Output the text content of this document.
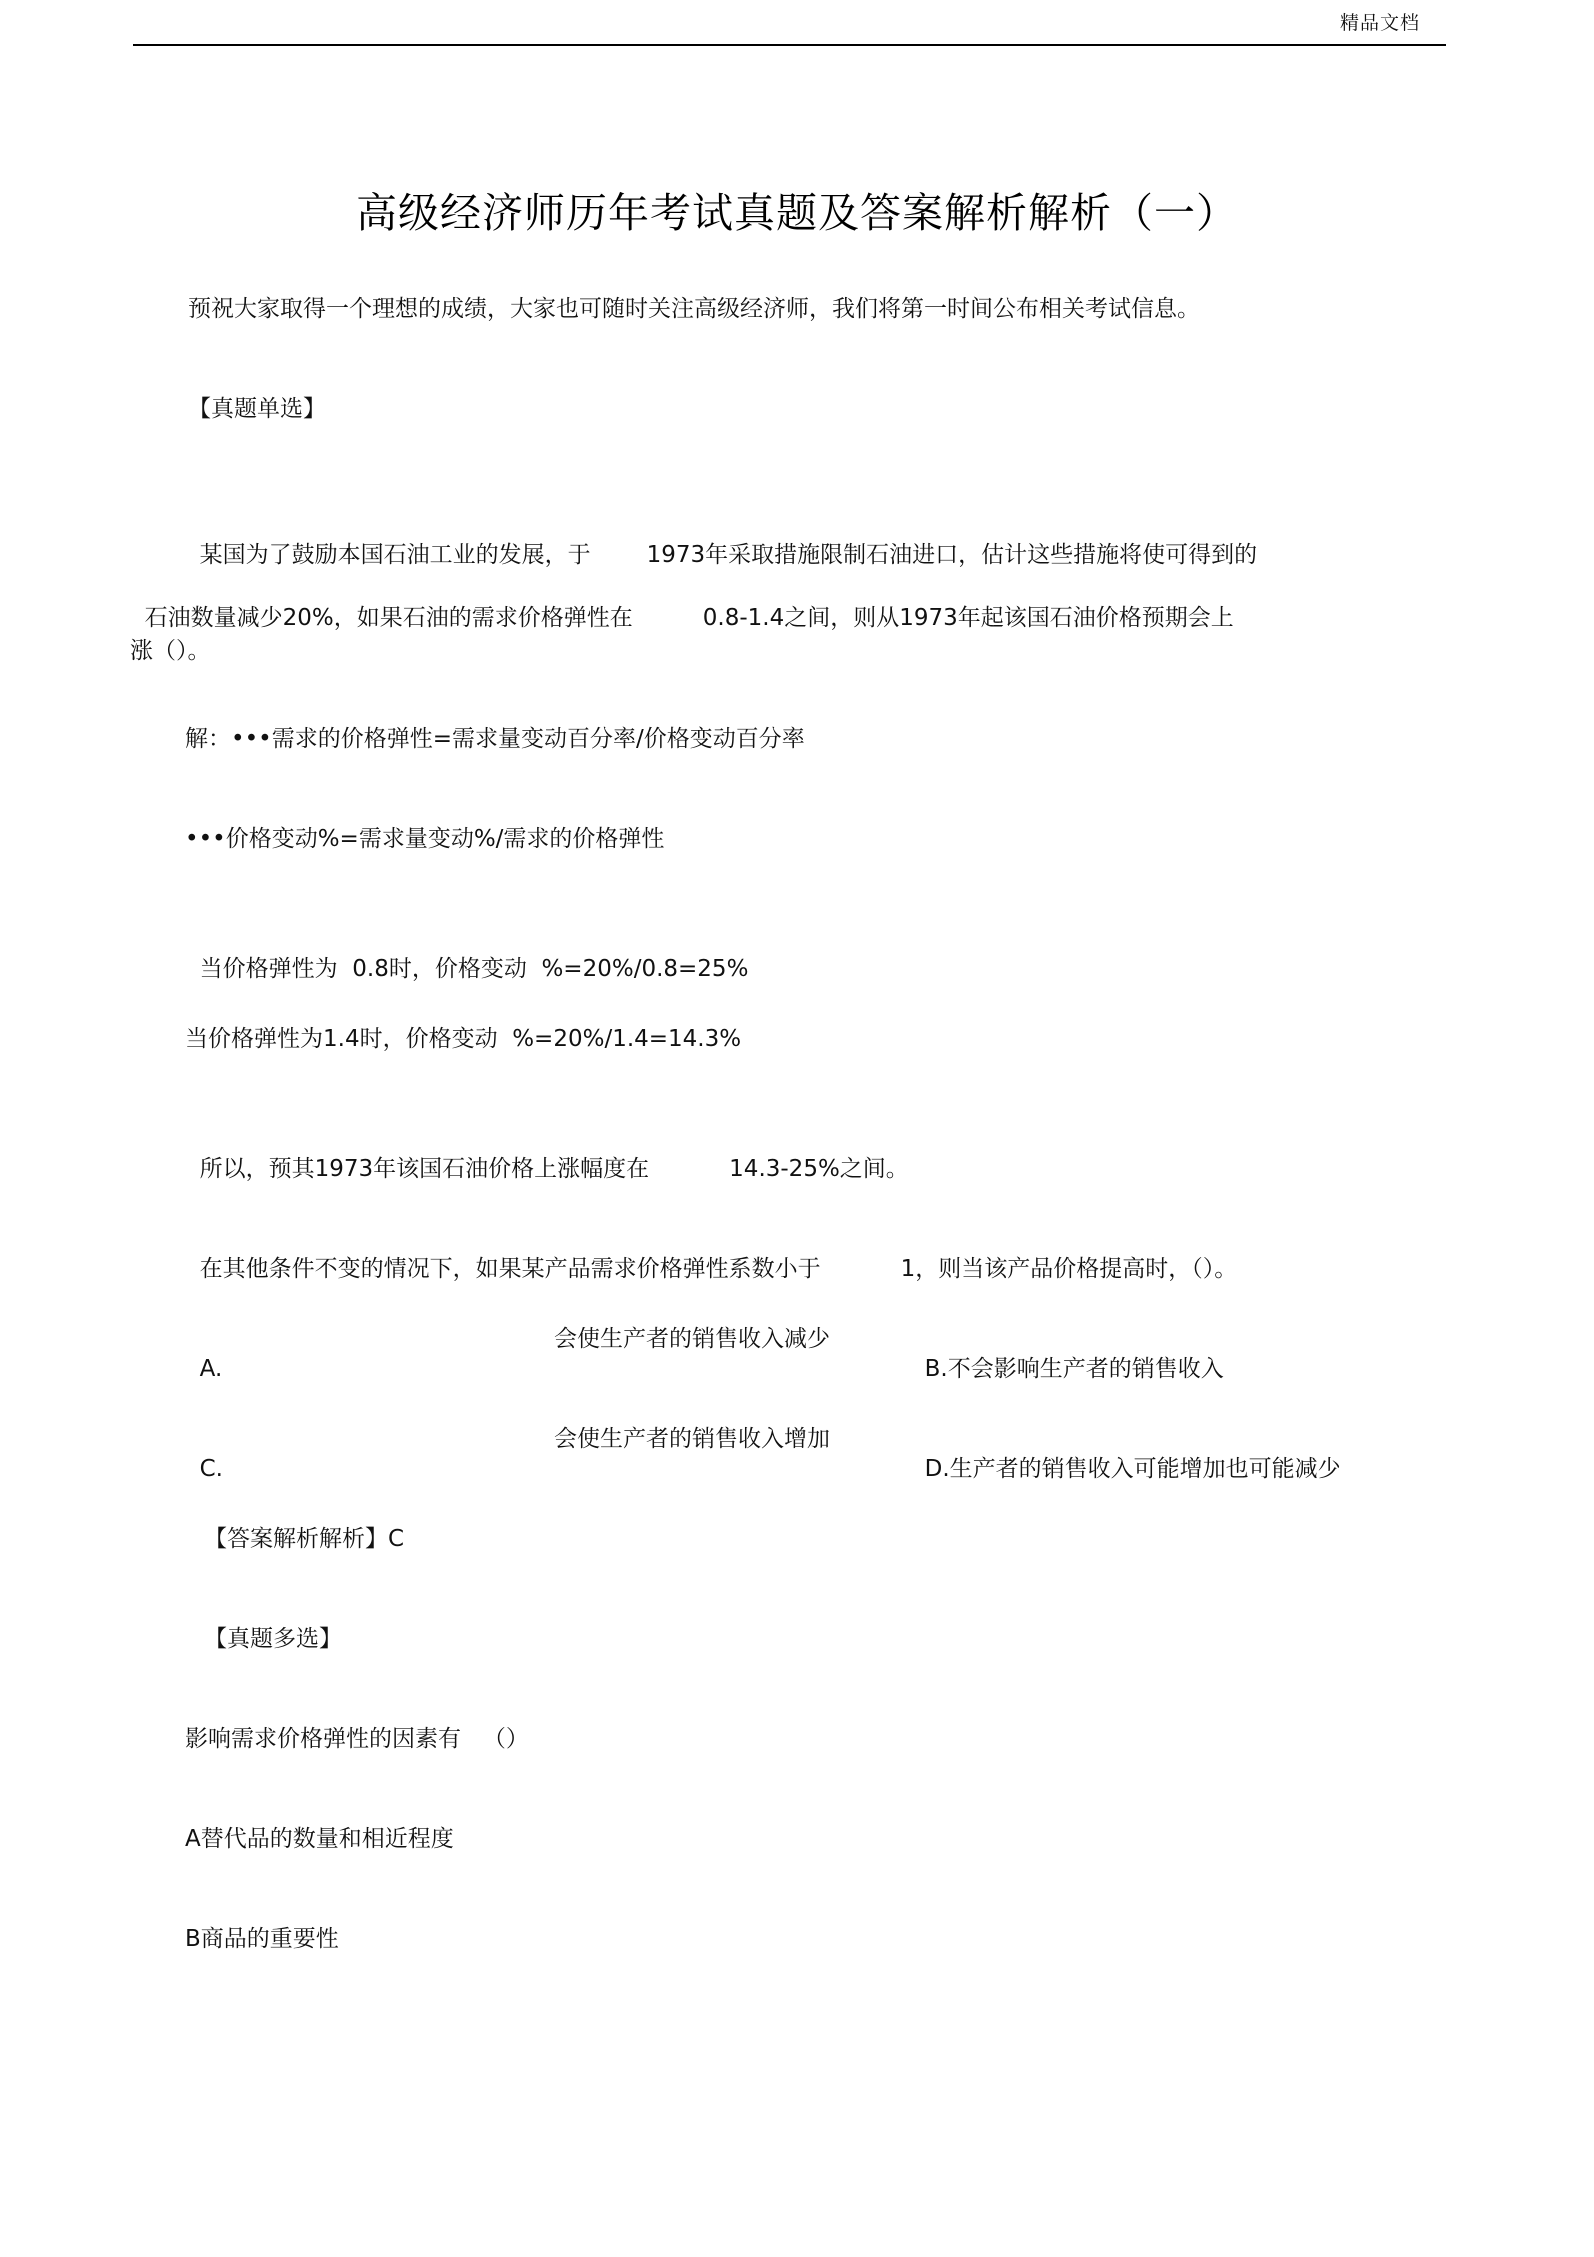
精品文档
高级经济师历年考试真题及答案解析解析（一）
预祝大家取得一个理想的成绩，大家也可随时关注高级经济师，我们将第一时间公布相关考试信息。
【真题单选】

某国为了鼓励本国石油工业的发展，于 1973年采取措施限制石油进口，估计这些措施将使可得到的

石油数量减少20%，如果石油的需求价格弹性在	0.8-1.4之间，则从1973年起该国石油价格预期会上

涨（）。
解：•••需求的价格弹性=需求量变动百分率/价格变动百分率
•••价格变动%=需求量变动%/需求的价格弹性

当价格弹性为  0.8时，价格变动  %=20%/0.8=25%

当价格弹性为1.4时，价格变动  %=20%/1.4=14.3%

所以，预其1973年该国石油价格上涨幅度在	14.3-25%之间。

在其他条件不变的情况下，如果某产品需求价格弹性系数小于	1，则当该产品价格提高时，（）。

A.

会使生产者的销售收入减少

B.不会影响生产者的销售收入

C.

会使生产者的销售收入增加

D.生产者的销售收入可能增加也可能减少

【答案解析解析】C
【真题多选】
影响需求价格弹性的因素有   （）
A替代品的数量和相近程度
B商品的重要性
